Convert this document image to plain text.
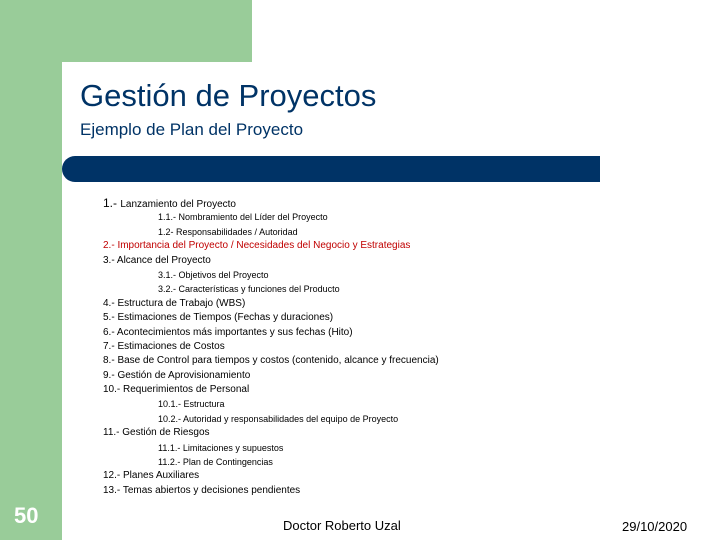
Gestión de Proyectos
Ejemplo de Plan del Proyecto
1.- Lanzamiento del Proyecto
1.1.- Nombramiento del Líder del Proyecto
1.2- Responsabilidades / Autoridad
2.- Importancia del Proyecto / Necesidades del Negocio y Estrategias
3.- Alcance del Proyecto
3.1.- Objetivos del Proyecto
3.2.- Características y funciones del Producto
4.- Estructura de Trabajo (WBS)
5.- Estimaciones de Tiempos (Fechas y duraciones)
6.- Acontecimientos más importantes y sus fechas (Hito)
7.- Estimaciones de Costos
8.- Base de Control para tiempos y costos (contenido, alcance y frecuencia)
9.- Gestión de Aprovisionamiento
10.- Requerimientos de Personal
10.1.- Estructura
10.2.- Autoridad y responsabilidades del equipo de Proyecto
11.- Gestión de Riesgos
11.1.- Limitaciones y supuestos
11.2.- Plan de Contingencias
12.- Planes Auxiliares
13.- Temas abiertos y decisiones pendientes
50	Doctor Roberto Uzal	29/10/2020
